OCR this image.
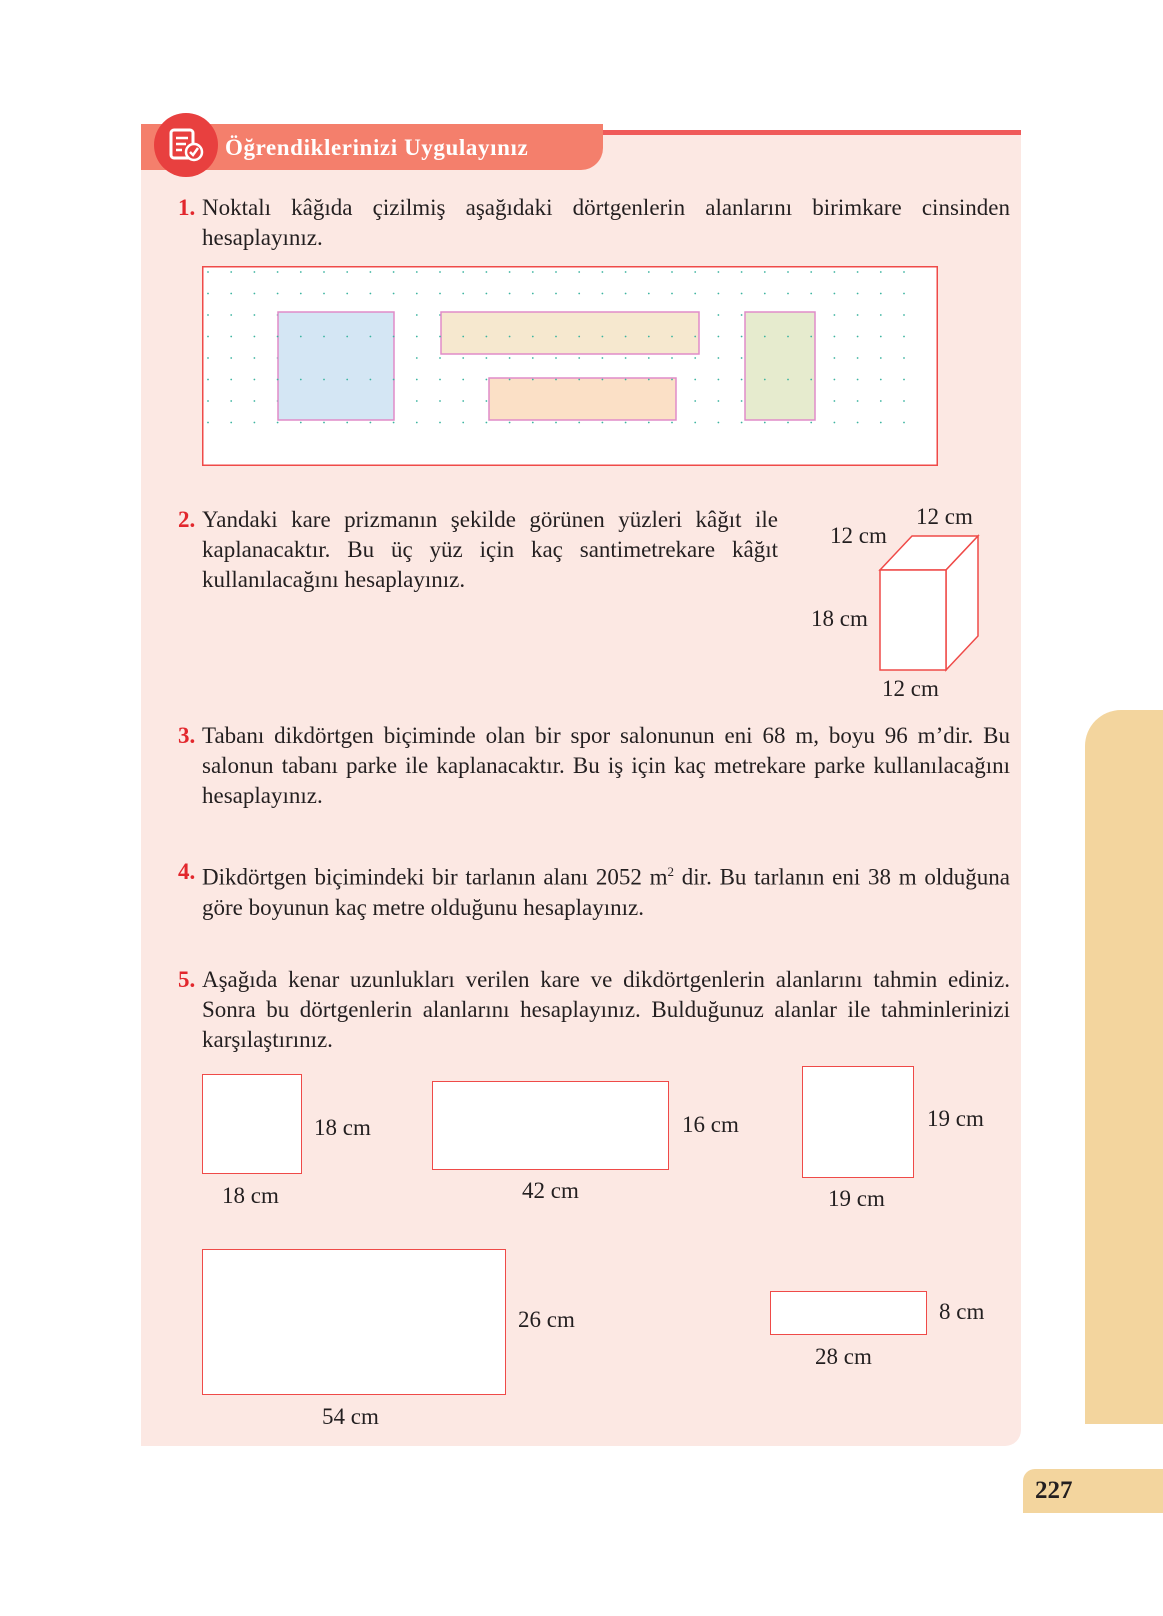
Öğrendiklerinizi Uygulayınız
1. Noktalı kâğıda çizilmiş aşağıdaki dörtgenlerin alanlarını birimkare cinsinden hesaplayınız.
2. Yandaki kare prizmanın şekilde görünen yüzleri kâğıt ile kaplanacaktır. Bu üç yüz için kaç santimetrekare kâğıt kullanılacağını hesaplayınız.
12 cm
12 cm
18 cm
12 cm
3. Tabanı dikdörtgen biçiminde olan bir spor salonunun eni 68 m, boyu 96 m’dir. Bu salonun tabanı parke ile kaplanacaktır. Bu iş için kaç metrekare parke kullanılacağını hesaplayınız.
4. Dikdörtgen biçimindeki bir tarlanın alanı 2052 $m^2$ dir. Bu tarlanın eni 38 m olduğuna göre boyunun kaç metre olduğunu hesaplayınız.
5. Aşağıda kenar uzunlukları verilen kare ve dikdörtgenlerin alanlarını tahmin ediniz. Sonra bu dörtgenlerin alanlarını hesaplayınız. Bulduğunuz alanlar ile tahminlerinizi karşılaştırınız.
18 cm
18 cm
16 cm
42 cm
19 cm
19 cm
26 cm
54 cm
8 cm
28 cm
227
